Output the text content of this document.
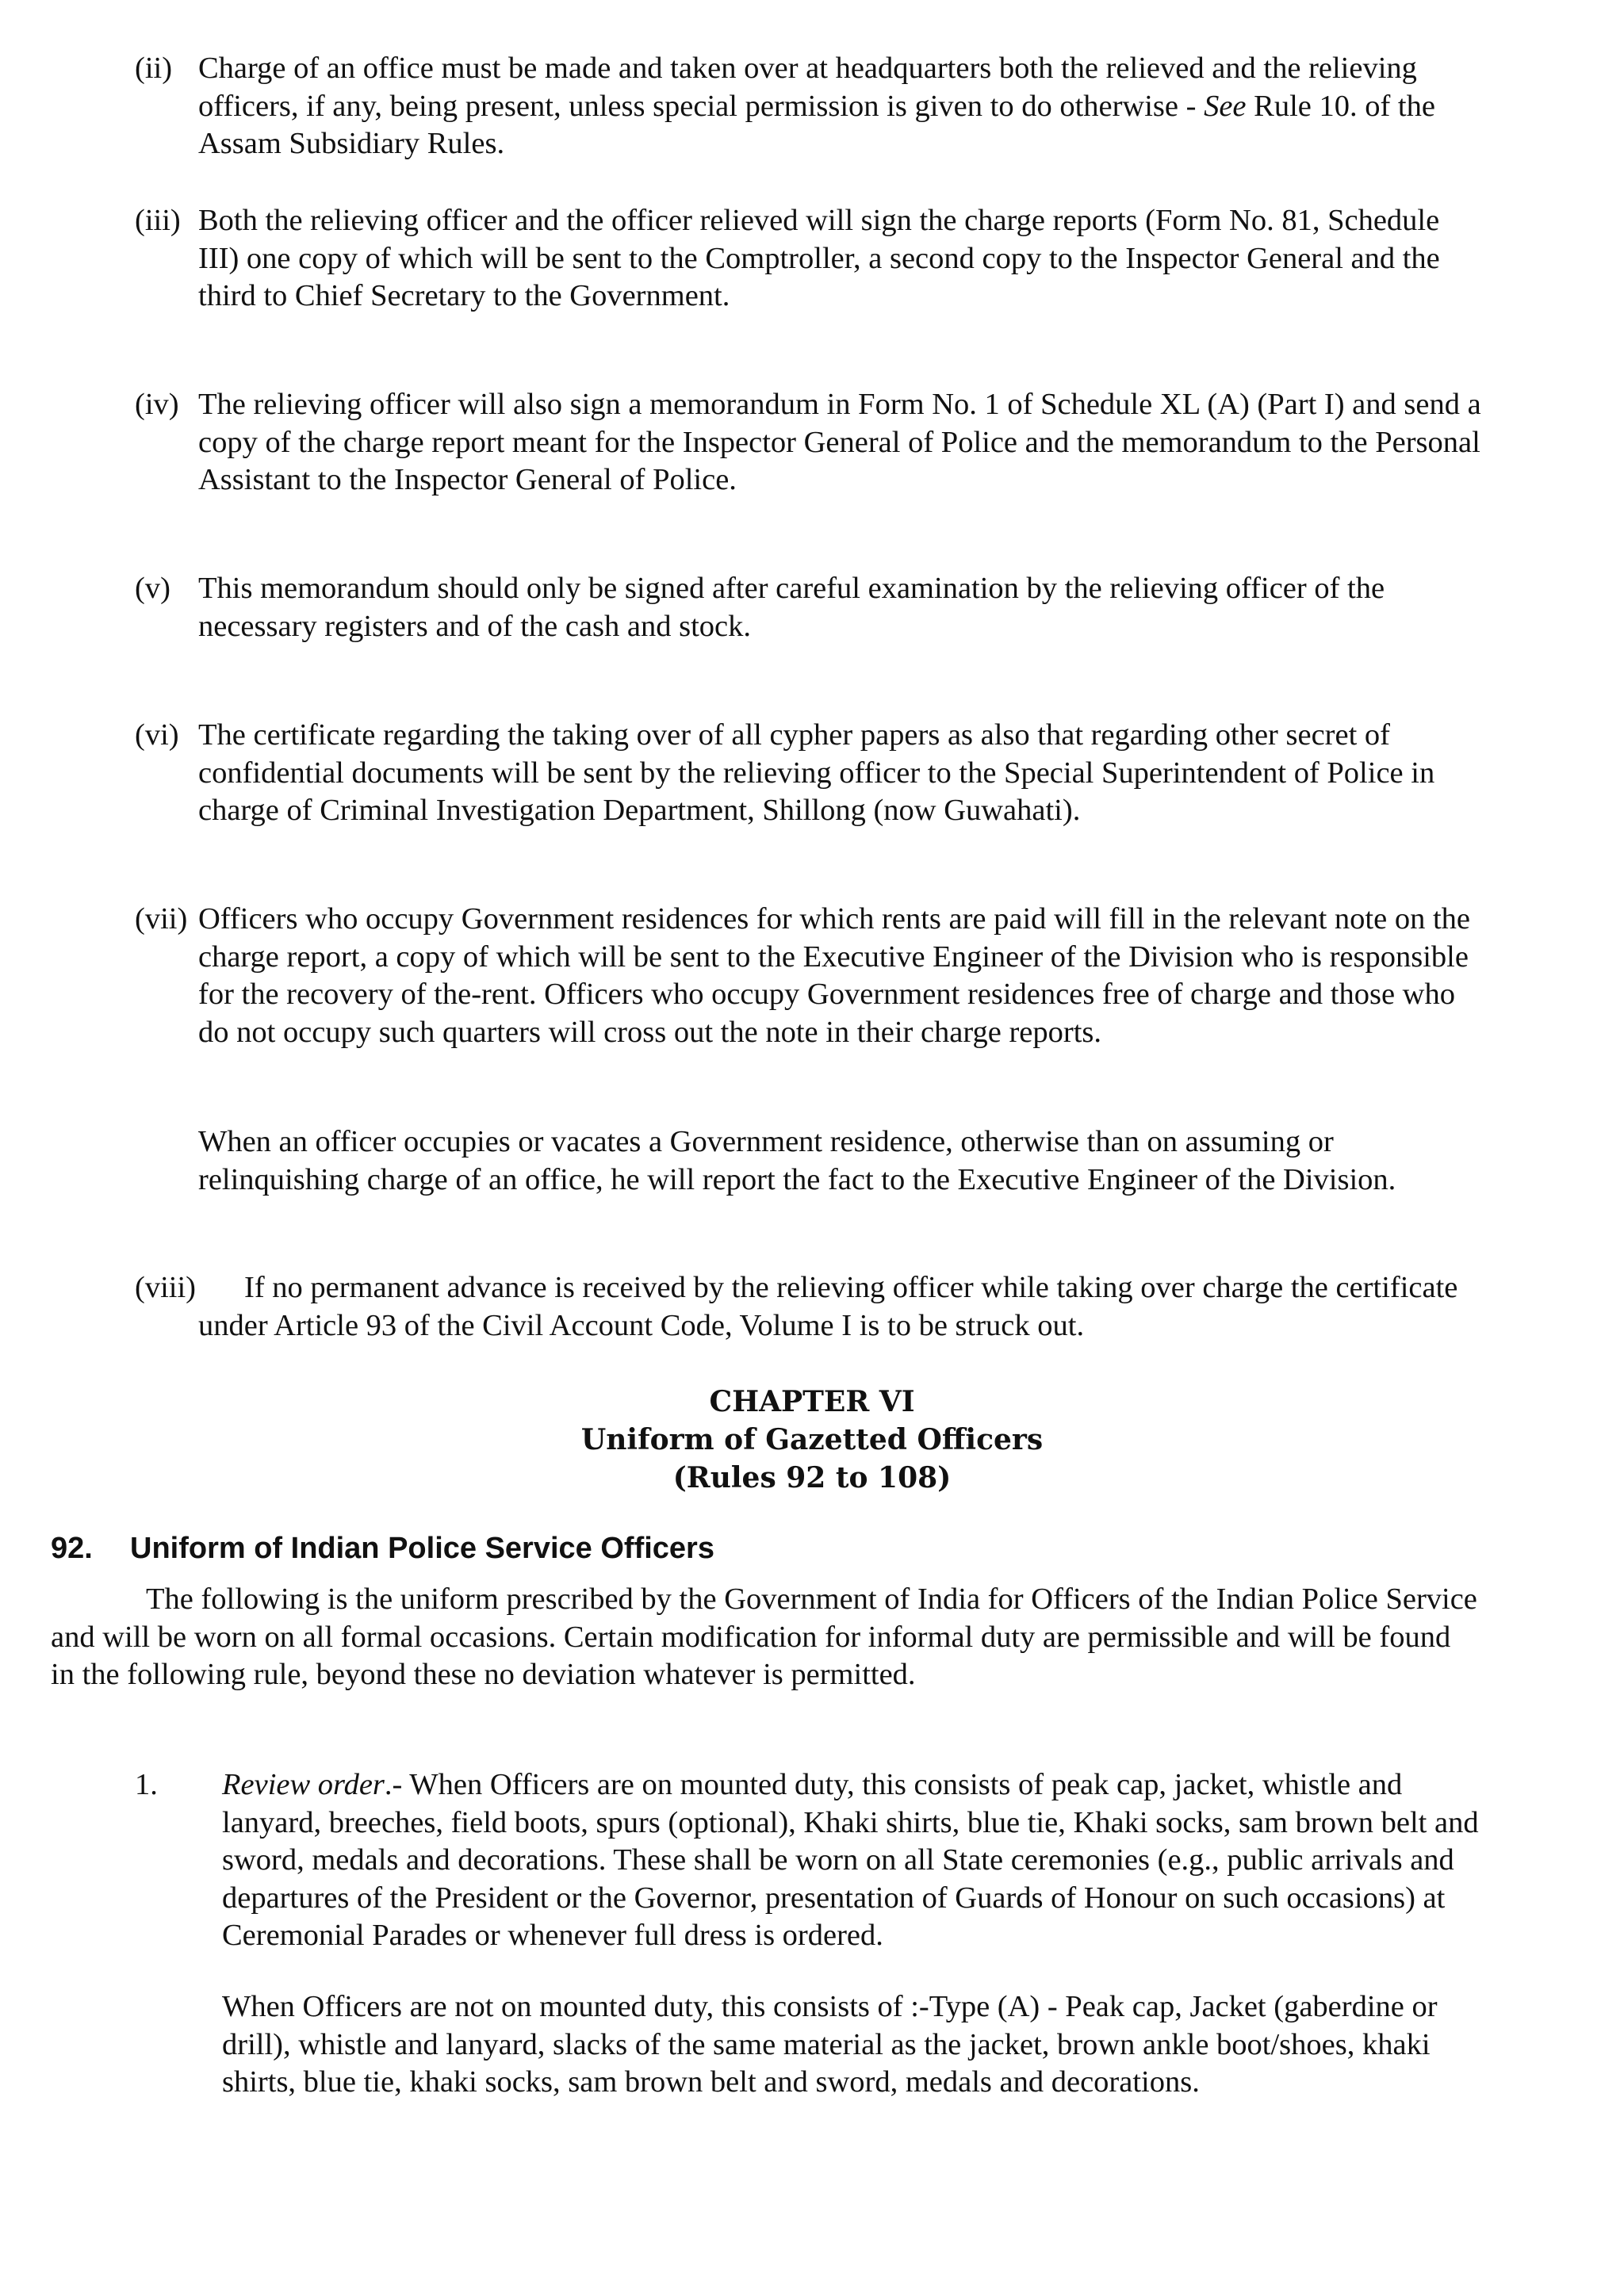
(ii) Charge of an office must be made and taken over at headquarters both the relieved and the relieving
officers, if any, being present, unless special permission is given to do otherwise - See Rule 10. of the
Assam Subsidiary Rules.
(iii) Both the relieving officer and the officer relieved will sign the charge reports (Form No. 81, Schedule
III) one copy of which will be sent to the Comptroller, a second copy to the Inspector General and the
third to Chief Secretary to the Government.
(iv) The relieving officer will also sign a memorandum in Form No. 1 of Schedule XL (A) (Part I) and send a
copy of the charge report meant for the Inspector General of Police and the memorandum to the Personal
Assistant to the Inspector General of Police.
(v) This memorandum should only be signed after careful examination by the relieving officer of the
necessary registers and of the cash and stock.
(vi) The certificate regarding the taking over of all cypher papers as also that regarding other secret of
confidential documents will be sent by the relieving officer to the Special Superintendent of Police in
charge of Criminal Investigation Department, Shillong (now Guwahati).
(vii) Officers who occupy Government residences for which rents are paid will fill in the relevant note on the
charge report, a copy of which will be sent to the Executive Engineer of the Division who is responsible
for the recovery of the-rent. Officers who occupy Government residences free of charge and those who
do not occupy such quarters will cross out the note in their charge reports.
When an officer occupies or vacates a Government residence, otherwise than on assuming or
relinquishing charge of an office, he will report the fact to the Executive Engineer of the Division.
(viii)	If no permanent advance is received by the relieving officer while taking over charge the certificate
under Article 93 of the Civil Account Code, Volume I is to be struck out.
CHAPTER VI
Uniform of Gazetted Officers
(Rules 92 to 108)
92. Uniform of Indian Police Service Officers
The following is the uniform prescribed by the Government of India for Officers of the Indian Police Service
and will be worn on all formal occasions. Certain modification for informal duty are permissible and will be found
in the following rule, beyond these no deviation whatever is permitted.
1. Review order.- When Officers are on mounted duty, this consists of peak cap, jacket, whistle and
lanyard, breeches, field boots, spurs (optional), Khaki shirts, blue tie, Khaki socks, sam brown belt and
sword, medals and decorations. These shall be worn on all State ceremonies (e.g., public arrivals and
departures of the President or the Governor, presentation of Guards of Honour on such occasions) at
Ceremonial Parades or whenever full dress is ordered.
When Officers are not on mounted duty, this consists of :-Type (A) - Peak cap, Jacket (gaberdine or
drill), whistle and lanyard, slacks of the same material as the jacket, brown ankle boot/shoes, khaki
shirts, blue tie, khaki socks, sam brown belt and sword, medals and decorations.
